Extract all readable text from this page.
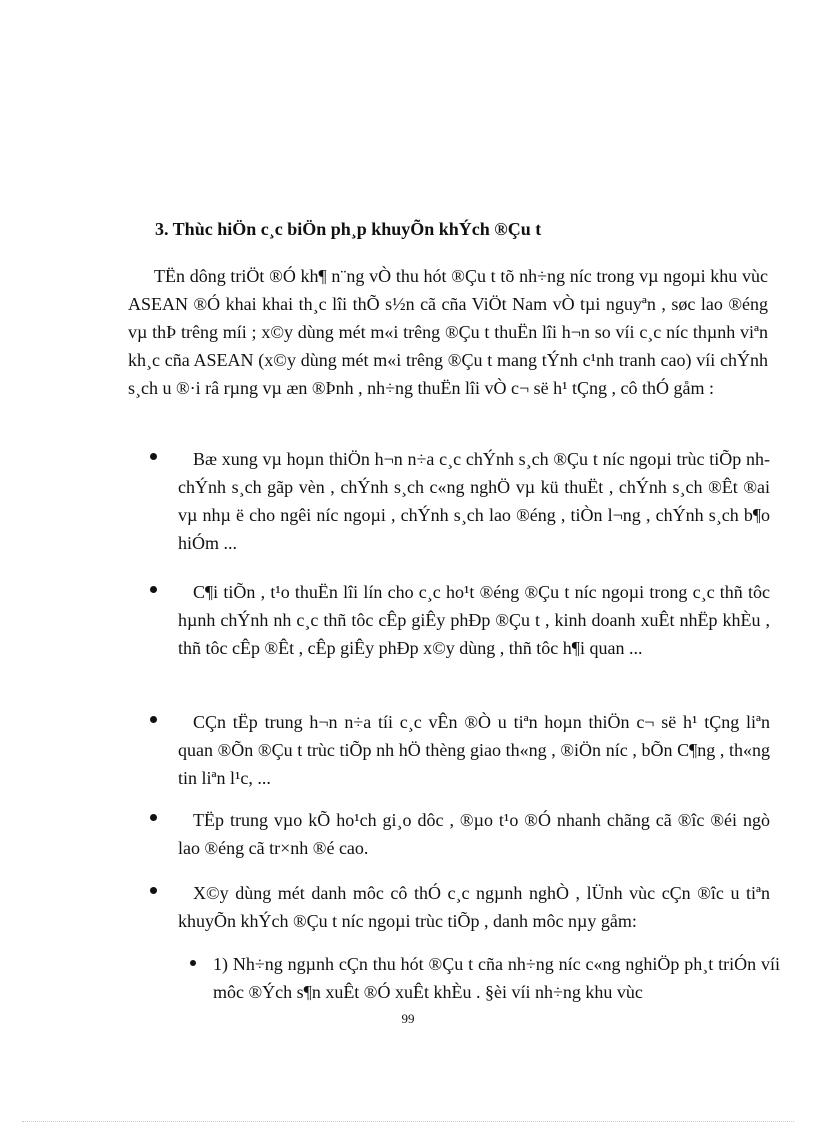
3. Thùc hiÖn c¸c biÖn ph¸p khuyÕn khÝch ®Çu t

TËn dông triÖt ®Ó kh¶ n¨ng vÒ thu hót ®Çu t tõ nh÷ng níc trong vµ ngoµi khu vùc ASEAN ®Ó khai khai th¸c lîi thÕ s½n cã cña ViÖt Nam vÒ tµi nguyªn , søc lao ®éng vµ thÞ trêng míi ; x©y dùng mét m«i trêng ®Çu t thuËn lîi h¬n so víi c¸c níc thµnh viªn kh¸c cña ASEAN (x©y dùng mét m«i trêng ®Çu t mang tÝnh c¹nh tranh cao) víi chÝnh s¸ch u ®·i râ rµng vµ æn ®Þnh , nh÷ng thuËn lîi vÒ c¬ së h¹ tÇng , cô thÓ gåm :

Bæ xung vµ hoµn thiÖn h¬n n÷a c¸c chÝnh s¸ch ®Çu t níc ngoµi trùc tiÕp nh chÝnh s¸ch gãp vèn , chÝnh s¸ch c«ng nghÖ vµ kü thuËt , chÝnh s¸ch ®Êt ®ai vµ nhµ ë cho ngêi níc ngoµi , chÝnh s¸ch lao ®éng , tiÒn l¬ng , chÝnh s¸ch b¶o hiÓm ...
C¶i tiÕn , t¹o thuËn lîi lín cho c¸c ho¹t ®éng ®Çu t níc ngoµi trong c¸c thñ tôc hµnh chÝnh nh c¸c thñ tôc cÊp giÊy phÐp ®Çu t , kinh doanh xuÊt nhËp khÈu , thñ tôc cÊp ®Êt , cÊp giÊy phÐp x©y dùng , thñ tôc h¶i quan ...
CÇn tËp trung h¬n n÷a tíi c¸c vÊn ®Ò u tiªn hoµn thiÖn c¬ së h¹ tÇng liªn quan ®Õn ®Çu t trùc tiÕp nh hÖ thèng giao th«ng , ®iÖn níc , bÕn C¶ng , th«ng tin liªn l¹c, ...
TËp trung vµo kÕ ho¹ch gi¸o dôc , ®µo t¹o ®Ó nhanh chãng cã ®îc ®éi ngò lao ®éng cã tr×nh ®é cao.
X©y dùng mét danh môc cô thÓ c¸c ngµnh nghÒ , lÜnh vùc cÇn ®îc u tiªn khuyÕn khÝch ®Çu t níc ngoµi trùc tiÕp , danh môc nµy gåm:
1) Nh÷ng ngµnh cÇn thu hót ®Çu t cña nh÷ng níc c«ng nghiÖp ph¸t triÓn víi môc ®Ých s¶n xuÊt ®Ó xuÊt khÈu . §èi víi nh÷ng khu vùc
99
